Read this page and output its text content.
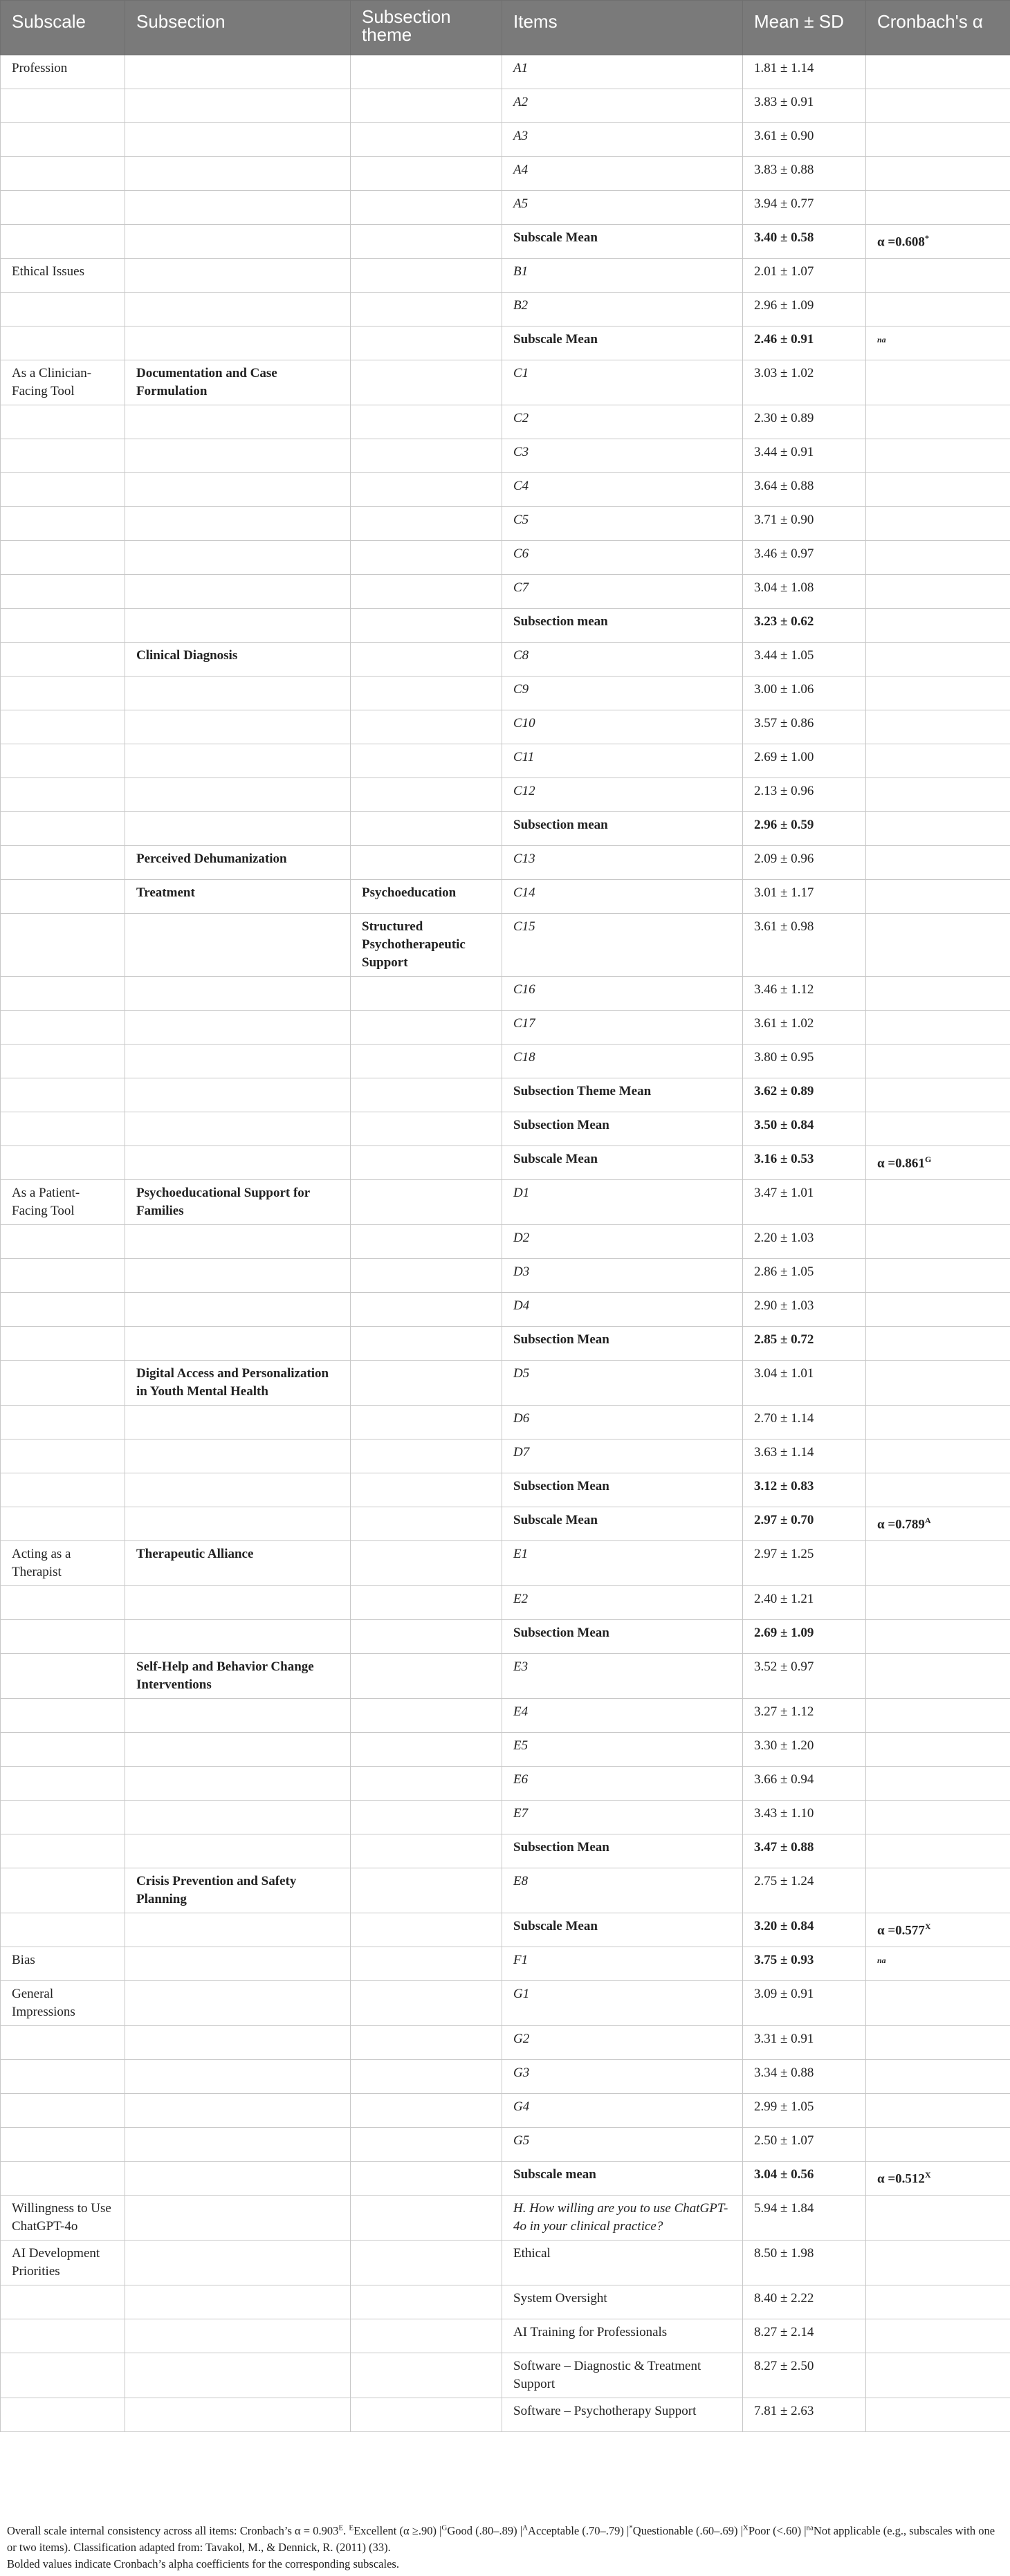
Subscale	Subsection	Subsection theme	Items	Mean ± SD	Cronbach's α
Profession			A1	1.81 ± 1.14	
			A2	3.83 ± 0.91	
			A3	3.61 ± 0.90	
			A4	3.83 ± 0.88	
			A5	3.94 ± 0.77	
			Subscale Mean	3.40 ± 0.58	α =0.608*
Ethical Issues			B1	2.01 ± 1.07	
			B2	2.96 ± 1.09	
			Subscale Mean	2.46 ± 0.91	$^{na}$
As a Clinician-Facing Tool	Documentation and Case Formulation		C1	3.03 ± 1.02	
			C2	2.30 ± 0.89	
			C3	3.44 ± 0.91	
			C4	3.64 ± 0.88	
			C5	3.71 ± 0.90	
			C6	3.46 ± 0.97	
			C7	3.04 ± 1.08	
			Subsection mean	3.23 ± 0.62	
	Clinical Diagnosis		C8	3.44 ± 1.05	
			C9	3.00 ± 1.06	
			C10	3.57 ± 0.86	
			C11	2.69 ± 1.00	
			C12	2.13 ± 0.96	
			Subsection mean	2.96 ± 0.59	
	Perceived Dehumanization		C13	2.09 ± 0.96	
	Treatment	Psychoeducation	C14	3.01 ± 1.17	
		Structured Psychotherapeutic Support	C15	3.61 ± 0.98	
			C16	3.46 ± 1.12	
			C17	3.61 ± 1.02	
			C18	3.80 ± 0.95	
			Subsection Theme Mean	3.62 ± 0.89	
			Subsection Mean	3.50 ± 0.84	
			Subscale Mean	3.16 ± 0.53	$\alpha =0.861^G$
As a Patient-Facing Tool	Psychoeducational Support for Families		D1	3.47 ± 1.01	
			D2	2.20 ± 1.03	
			D3	2.86 ± 1.05	
			D4	2.90 ± 1.03	
			Subsection Mean	2.85 ± 0.72	
	Digital Access and Personalization in Youth Mental Health		D5	3.04 ± 1.01	
			D6	2.70 ± 1.14	
			D7	3.63 ± 1.14	
			Subsection Mean	3.12 ± 0.83	
			Subscale Mean	2.97 ± 0.70	$\alpha =0.789^A$
Acting as a Therapist	Therapeutic Alliance		E1	2.97 ± 1.25	
			E2	2.40 ± 1.21	
			Subsection Mean	2.69 ± 1.09	
	Self-Help and Behavior Change Interventions		E3	3.52 ± 0.97	
			E4	3.27 ± 1.12	
			E5	3.30 ± 1.20	
			E6	3.66 ± 0.94	
			E7	3.43 ± 1.10	
			Subsection Mean	3.47 ± 0.88	
	Crisis Prevention and Safety Planning		E8	2.75 ± 1.24	
			Subscale Mean	3.20 ± 0.84	$\alpha =0.577^X$
Bias			F1	3.75 ± 0.93	$^{na}$
General Impressions			G1	3.09 ± 0.91	
			G2	3.31 ± 0.91	
			G3	3.34 ± 0.88	
			G4	2.99 ± 1.05	
			G5	2.50 ± 1.07	
			Subscale mean	3.04 ± 0.56	$\alpha =0.512^X$
Willingness to Use ChatGPT-4o			H. How willing are you to use ChatGPT-4o in your clinical practice?	5.94 ± 1.84	
AI Development Priorities			Ethical	8.50 ± 1.98	
			System Oversight	8.40 ± 2.22	
			AI Training for Professionals	8.27 ± 2.14	
			Software – Diagnostic & Treatment Support	8.27 ± 2.50	
			Software – Psychotherapy Support	7.81 ± 2.63	

Overall scale internal consistency across all items: Cronbach’s $\alpha = 0.903^E$. $^E$Excellent (α ≥.90) $|^GGood$ (.80–.89) $|^AAcceptable$ (.70–.79) |*Questionable (.60–.69) $|^XPoor$ (<.60) $|^{na}Not$ applicable (e.g., subscales with one or two items). Classification adapted from: Tavakol, M., & Dennick, R. (2011) (33).

Bolded values indicate Cronbach’s alpha coefficients for the corresponding subscales.
